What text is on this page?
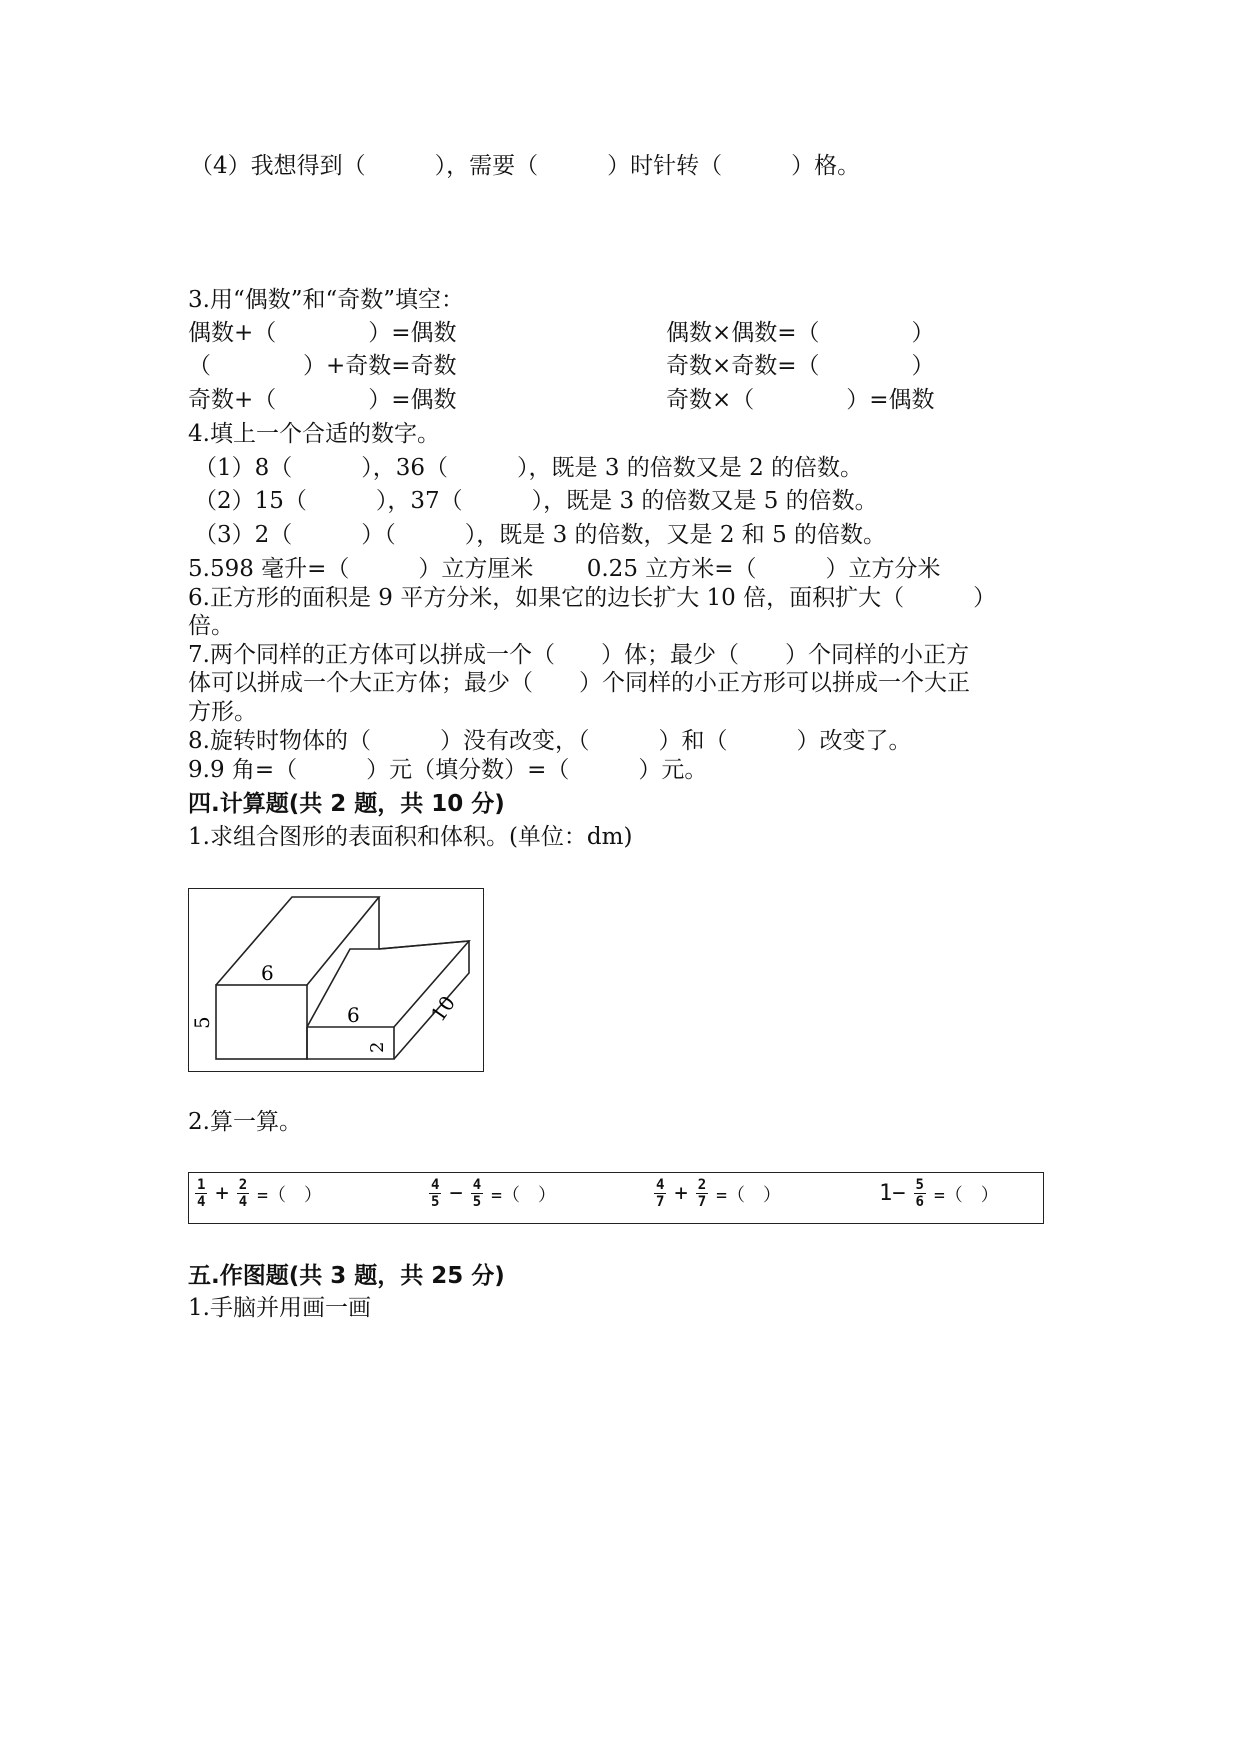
（4）我想得到（　　　），需要（　　　）时针转（　　　）格。
3.用“偶数”和“奇数”填空：
偶数+（　　　　）=偶数	偶数×偶数=（　　　　）
（　　　　）+奇数=奇数	奇数×奇数=（　　　　）
奇数+（　　　　）=偶数	奇数×（　　　　）=偶数
4.填上一个合适的数字。
（1）8（　　　），36（　　　），既是 3 的倍数又是 2 的倍数。
（2）15（　　　），37（　　　），既是 3 的倍数又是 5 的倍数。
（3）2（　　　）（　　　），既是 3 的倍数，又是 2 和 5 的倍数。
5.598 毫升=（　　　）立方厘米　　 0.25 立方米=（　　　）立方分米
6.正方形的面积是 9 平方分米，如果它的边长扩大 10 倍，面积扩大（　　　）
倍。
7.两个同样的正方体可以拼成一个（　　）体；最少（　　）个同样的小正方
体可以拼成一个大正方体；最少（　　）个同样的小正方形可以拼成一个大正
方形。
8.旋转时物体的（　　　）没有改变，（　　　）和（　　　）改变了。
9.9 角=（　　　）元（填分数）=（　　　）元。
四.计算题(共 2 题，共 10 分)
1.求组合图形的表面积和体积。(单位：dm)
6
5	6
2
10
2.算一算。
$\frac{1}{4} + \frac{2}{4}$ =（　）	$\frac{4}{5} - \frac{4}{5}$ =（　）	$\frac{4}{7} + \frac{2}{7}$ =（　）	$1- \frac{5}{6}$ =（　）
五.作图题(共 3 题，共 25 分)
1.手脑并用画一画
